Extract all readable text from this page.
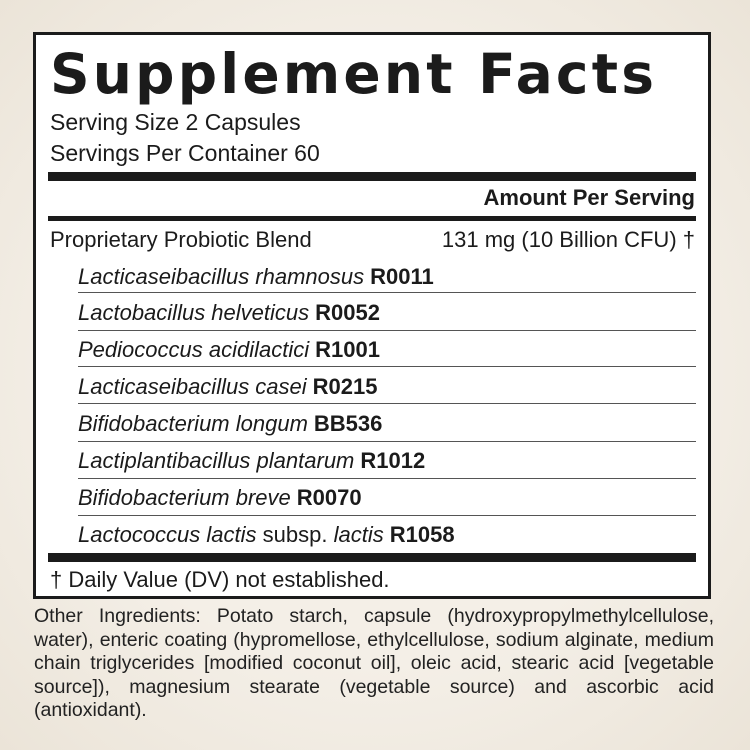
Supplement Facts
Serving Size 2 Capsules
Servings Per Container 60
Amount Per Serving
Proprietary Probiotic Blend	131 mg (10 Billion CFU) †
Lacticaseibacillus rhamnosus R0011
Lactobacillus helveticus R0052
Pediococcus acidilactici R1001
Lacticaseibacillus casei R0215
Bifidobacterium longum BB536
Lactiplantibacillus plantarum R1012
Bifidobacterium breve R0070
Lactococcus lactis subsp. lactis R1058
† Daily Value (DV) not established.

Other Ingredients: Potato starch, capsule (hydroxypropylmethylcellulose, water), enteric coating (hypromellose, ethylcellulose, sodium alginate, medium chain triglycerides [modified coconut oil], oleic acid, stearic acid [vegetable source]), magnesium stearate (vegetable source) and ascorbic acid (antioxidant).
